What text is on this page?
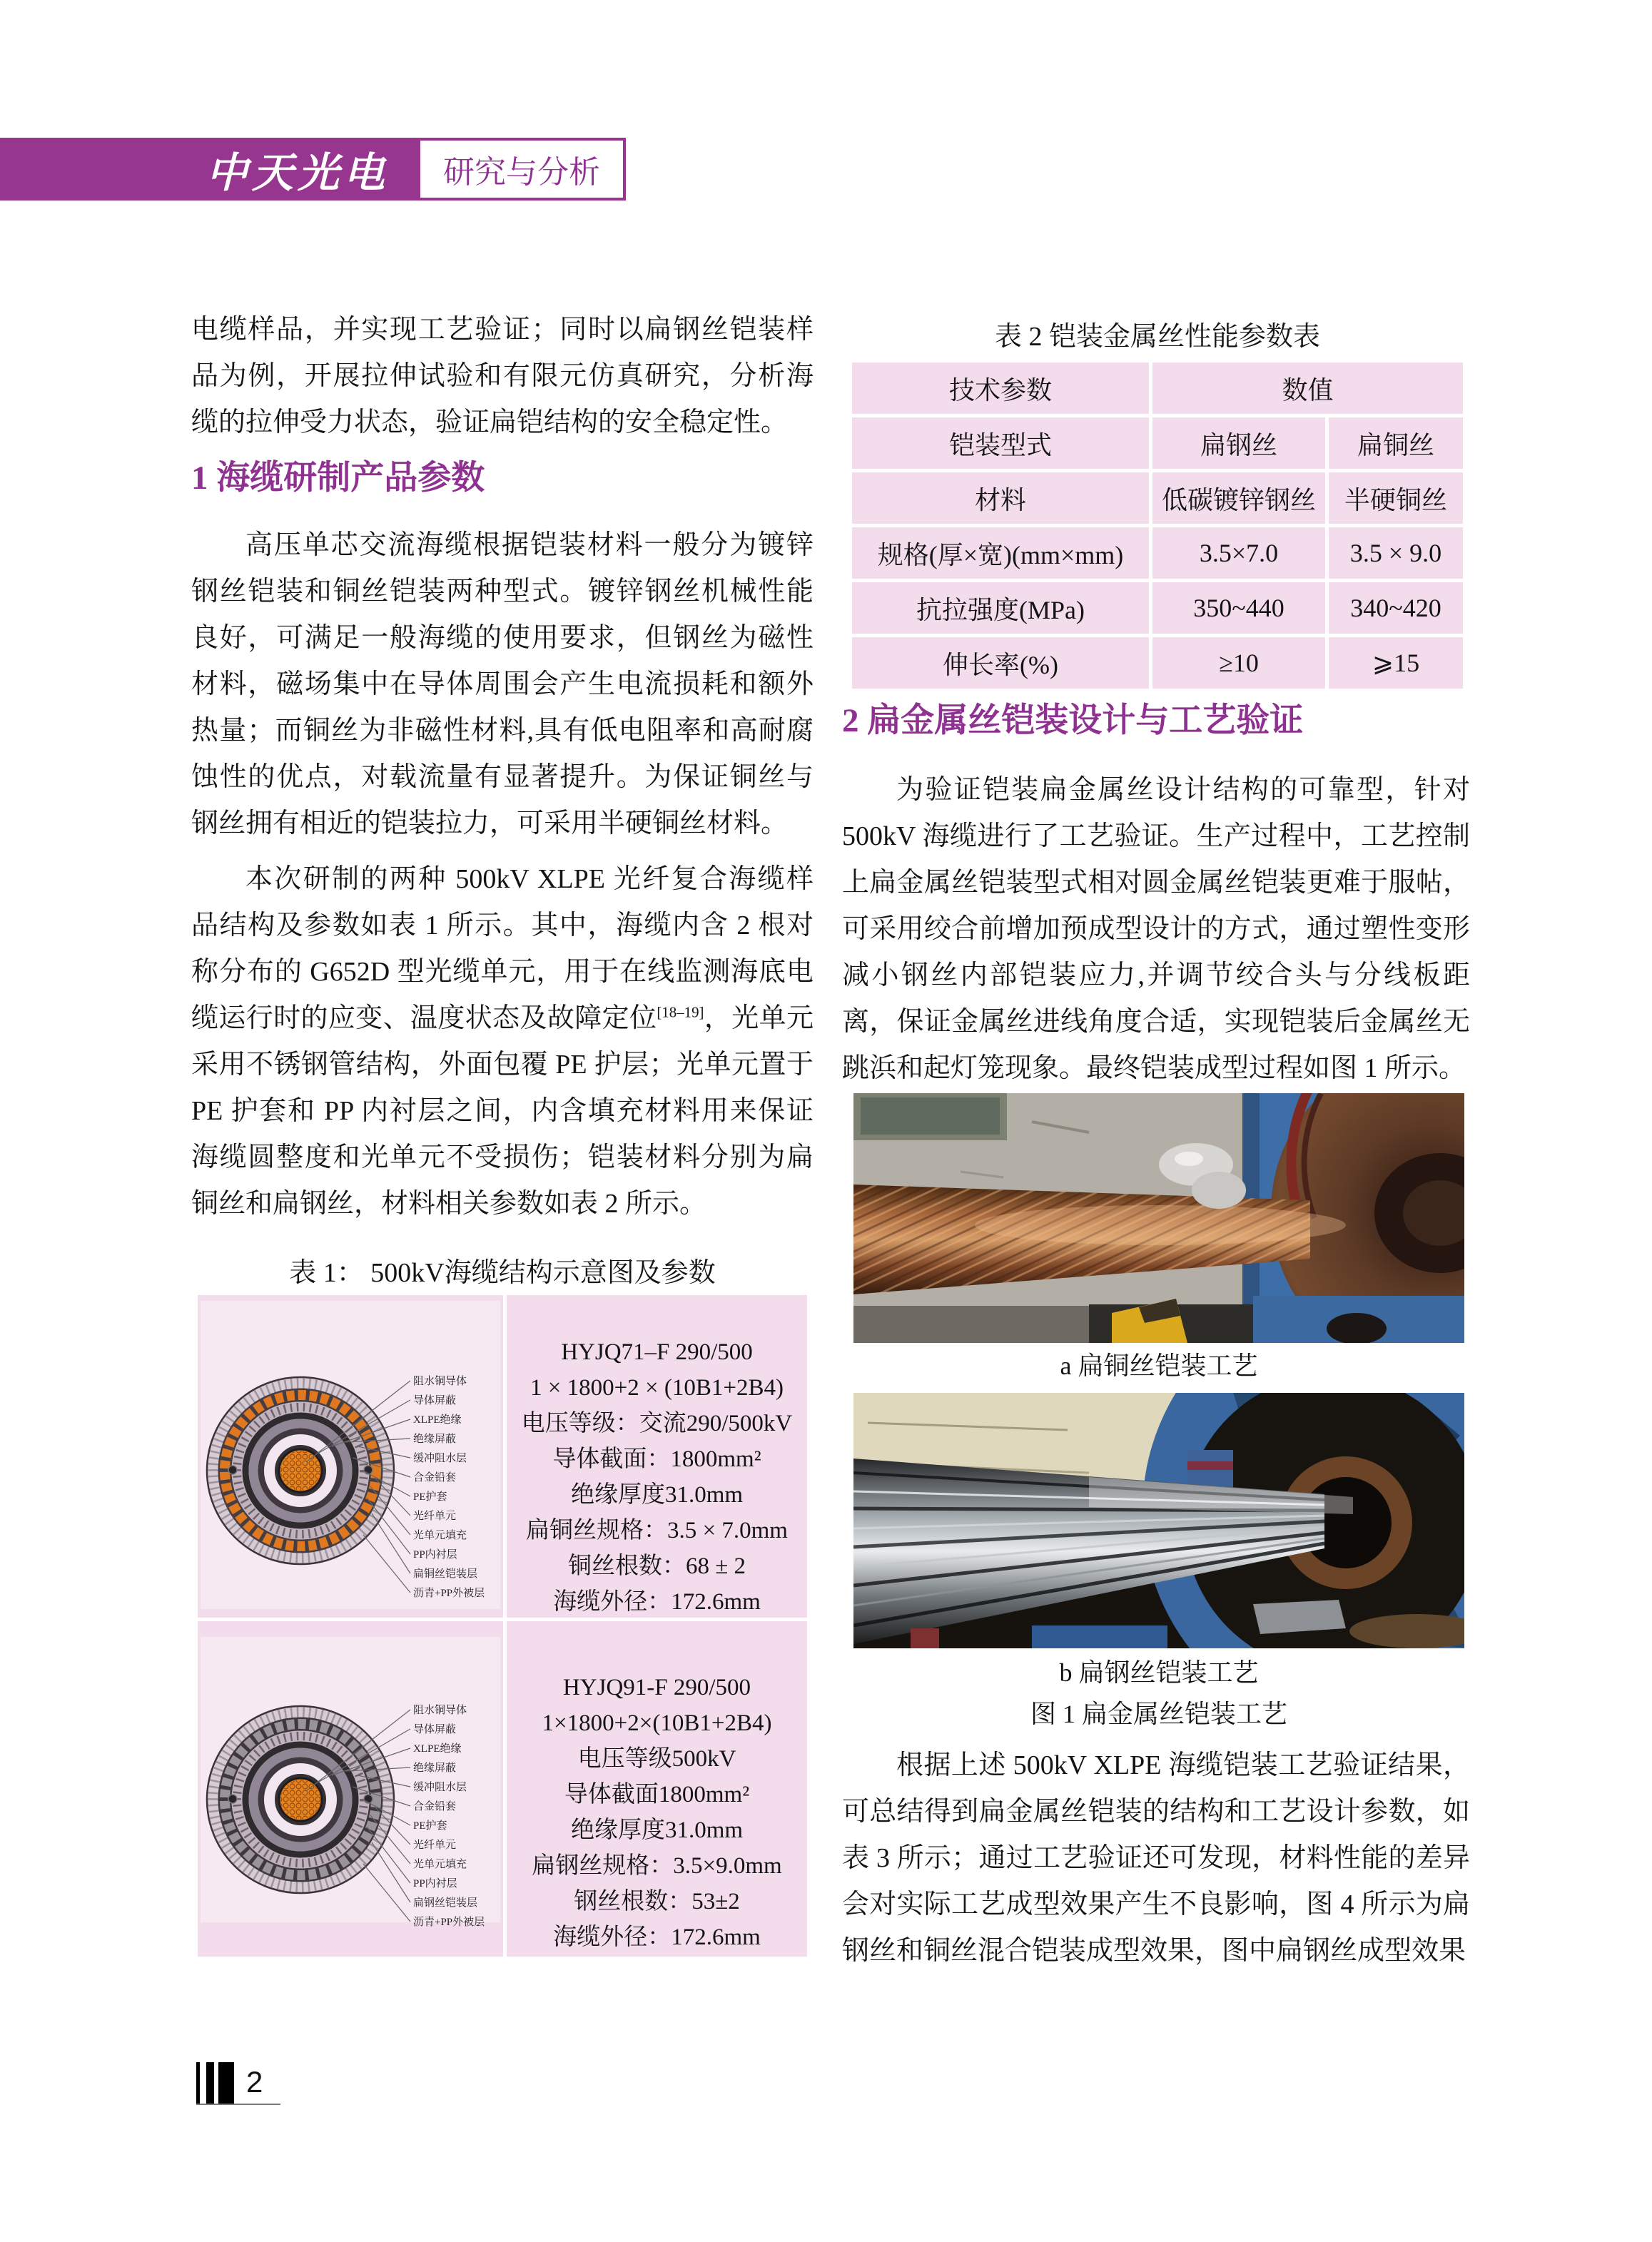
中天光电	研究与分析

电缆样品，并实现工艺验证；同时以扁钢丝铠装样品为例，开展拉伸试验和有限元仿真研究，分析海缆的拉伸受力状态，验证扁铠结构的安全稳定性。

1 海缆研制产品参数

高压单芯交流海缆根据铠装材料一般分为镀锌钢丝铠装和铜丝铠装两种型式。镀锌钢丝机械性能良好，可满足一般海缆的使用要求，但钢丝为磁性材料，磁场集中在导体周围会产生电流损耗和额外热量；而铜丝为非磁性材料,具有低电阻率和高耐腐蚀性的优点，对载流量有显著提升。为保证铜丝与钢丝拥有相近的铠装拉力，可采用半硬铜丝材料。

本次研制的两种 500kV XLPE 光纤复合海缆样品结构及参数如表 1 所示。其中，海缆内含 2 根对称分布的 G652D 型光缆单元，用于在线监测海底电缆运行时的应变、温度状态及故障定位[18–19]，光单元采用不锈钢管结构，外面包覆 PE 护层；光单元置于 PE 护套和 PP 内衬层之间，内含填充材料用来保证海缆圆整度和光单元不受损伤；铠装材料分别为扁铜丝和扁钢丝，材料相关参数如表 2 所示。

表 1： 500kV海缆结构示意图及参数
阻水铜导体
导体屏蔽
XLPE绝缘
绝缘屏蔽
缓冲阻水层
合金铅套
PE护套
光纤单元
光单元填充
PP内衬层
扁铜丝铠装层
沥青+PP外被层
HYJQ71–F 290/500
1 × 1800+2 × (10B1+2B4)
电压等级：交流290/500kV
导体截面：1800mm²
绝缘厚度31.0mm
扁铜丝规格：3.5 × 7.0mm
铜丝根数：68 ± 2
海缆外径：172.6mm
阻水铜导体
导体屏蔽
XLPE绝缘
绝缘屏蔽
缓冲阻水层
合金铅套
PE护套
光纤单元
光单元填充
PP内衬层
扁钢丝铠装层
沥青+PP外被层
HYJQ91-F 290/500
1×1800+2×(10B1+2B4)
电压等级500kV
导体截面1800mm²
绝缘厚度31.0mm
扁钢丝规格：3.5×9.0mm
钢丝根数：53±2
海缆外径：172.6mm
表 2 铠装金属丝性能参数表
技术参数	数值
铠装型式	扁钢丝	扁铜丝
材料	低碳镀锌钢丝	半硬铜丝
规格(厚×宽)(mm×mm)	3.5×7.0	3.5 × 9.0
抗拉强度(MPa)	350~440	340~420
伸长率(%)	≥10	⩾15
2 扁金属丝铠装设计与工艺验证

为验证铠装扁金属丝设计结构的可靠型，针对500kV 海缆进行了工艺验证。生产过程中，工艺控制上扁金属丝铠装型式相对圆金属丝铠装更难于服帖，可采用绞合前增加预成型设计的方式，通过塑性变形减小钢丝内部铠装应力,并调节绞合头与分线板距离，保证金属丝进线角度合适，实现铠装后金属丝无跳浜和起灯笼现象。最终铠装成型过程如图 1 所示。

a 扁铜丝铠装工艺
b 扁钢丝铠装工艺
图 1 扁金属丝铠装工艺

根据上述 500kV XLPE 海缆铠装工艺验证结果，可总结得到扁金属丝铠装的结构和工艺设计参数，如表 3 所示；通过工艺验证还可发现，材料性能的差异会对实际工艺成型效果产生不良影响，图 4 所示为扁钢丝和铜丝混合铠装成型效果，图中扁钢丝成型效果

2
